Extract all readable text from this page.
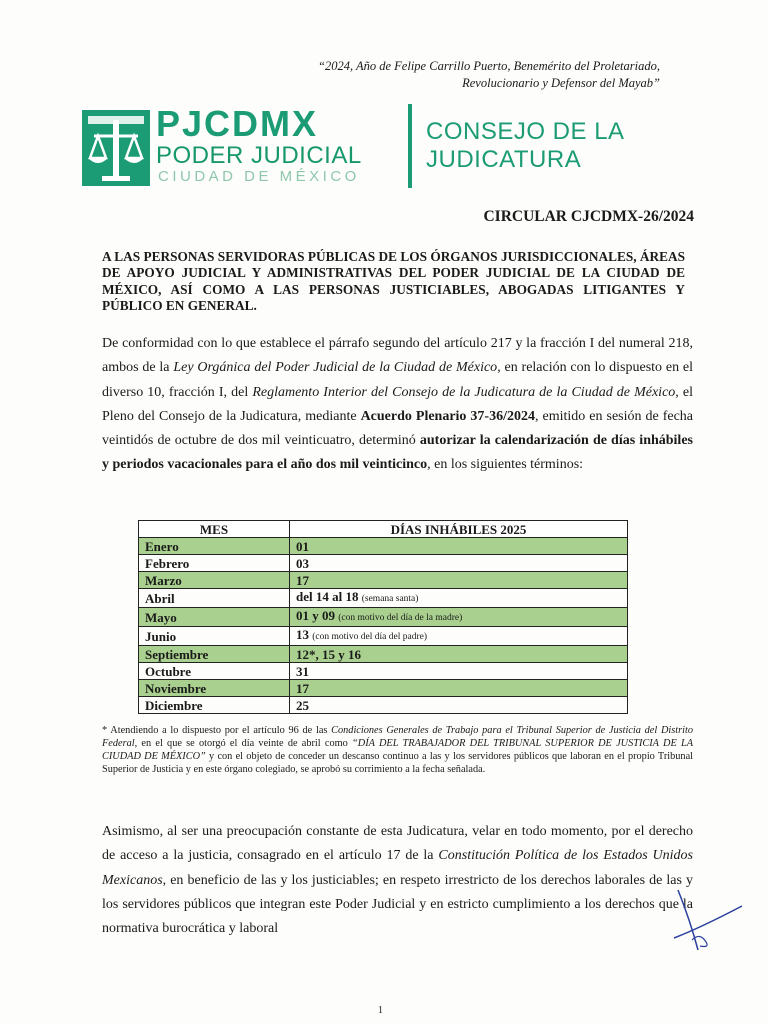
“2024, Año de Felipe Carrillo Puerto, Benemérito del Proletariado,
Revolucionario y Defensor del Mayab”
PJCDMX
PODER JUDICIAL
CIUDAD DE MÉXICO
CONSEJO DE LA
JUDICATURA
CIRCULAR CJCDMX-26/2024
A LAS PERSONAS SERVIDORAS PÚBLICAS DE LOS ÓRGANOS JURISDICCIONALES, ÁREAS DE APOYO JUDICIAL Y ADMINISTRATIVAS DEL PODER JUDICIAL DE LA CIUDAD DE MÉXICO, ASÍ COMO A LAS PERSONAS JUSTICIABLES, ABOGADAS LITIGANTES Y PÚBLICO EN GENERAL.
De conformidad con lo que establece el párrafo segundo del artículo 217 y la fracción I del numeral 218, ambos de la Ley Orgánica del Poder Judicial de la Ciudad de México, en relación con lo dispuesto en el diverso 10, fracción I, del Reglamento Interior del Consejo de la Judicatura de la Ciudad de México, el Pleno del Consejo de la Judicatura, mediante Acuerdo Plenario 37-36/2024, emitido en sesión de fecha veintidós de octubre de dos mil veinticuatro, determinó autorizar la calendarización de días inhábiles y periodos vacacionales para el año dos mil veinticinco, en los siguientes términos:
MES	DÍAS INHÁBILES 2025
Enero	01
Febrero	03
Marzo	17
Abril	del 14 al 18 (semana santa)
Mayo	01 y 09 (con motivo del día de la madre)
Junio	13 (con motivo del día del padre)
Septiembre	12*, 15 y 16
Octubre	31
Noviembre	17
Diciembre	25
* Atendiendo a lo dispuesto por el artículo 96 de las Condiciones Generales de Trabajo para el Tribunal Superior de Justicia del Distrito Federal, en el que se otorgó el día veinte de abril como “DÍA DEL TRABAJADOR DEL TRIBUNAL SUPERIOR DE JUSTICIA DE LA CIUDAD DE MÉXICO” y con el objeto de conceder un descanso continuo a las y los servidores públicos que laboran en el propio Tribunal Superior de Justicia y en este órgano colegiado, se aprobó su corrimiento a la fecha señalada.
Asimismo, al ser una preocupación constante de esta Judicatura, velar en todo momento, por el derecho de acceso a la justicia, consagrado en el artículo 17 de la Constitución Política de los Estados Unidos Mexicanos, en beneficio de las y los justiciables; en respeto irrestricto de los derechos laborales de las y los servidores públicos que integran este Poder Judicial y en estricto cumplimiento a los derechos que la normativa burocrática y laboral
1
